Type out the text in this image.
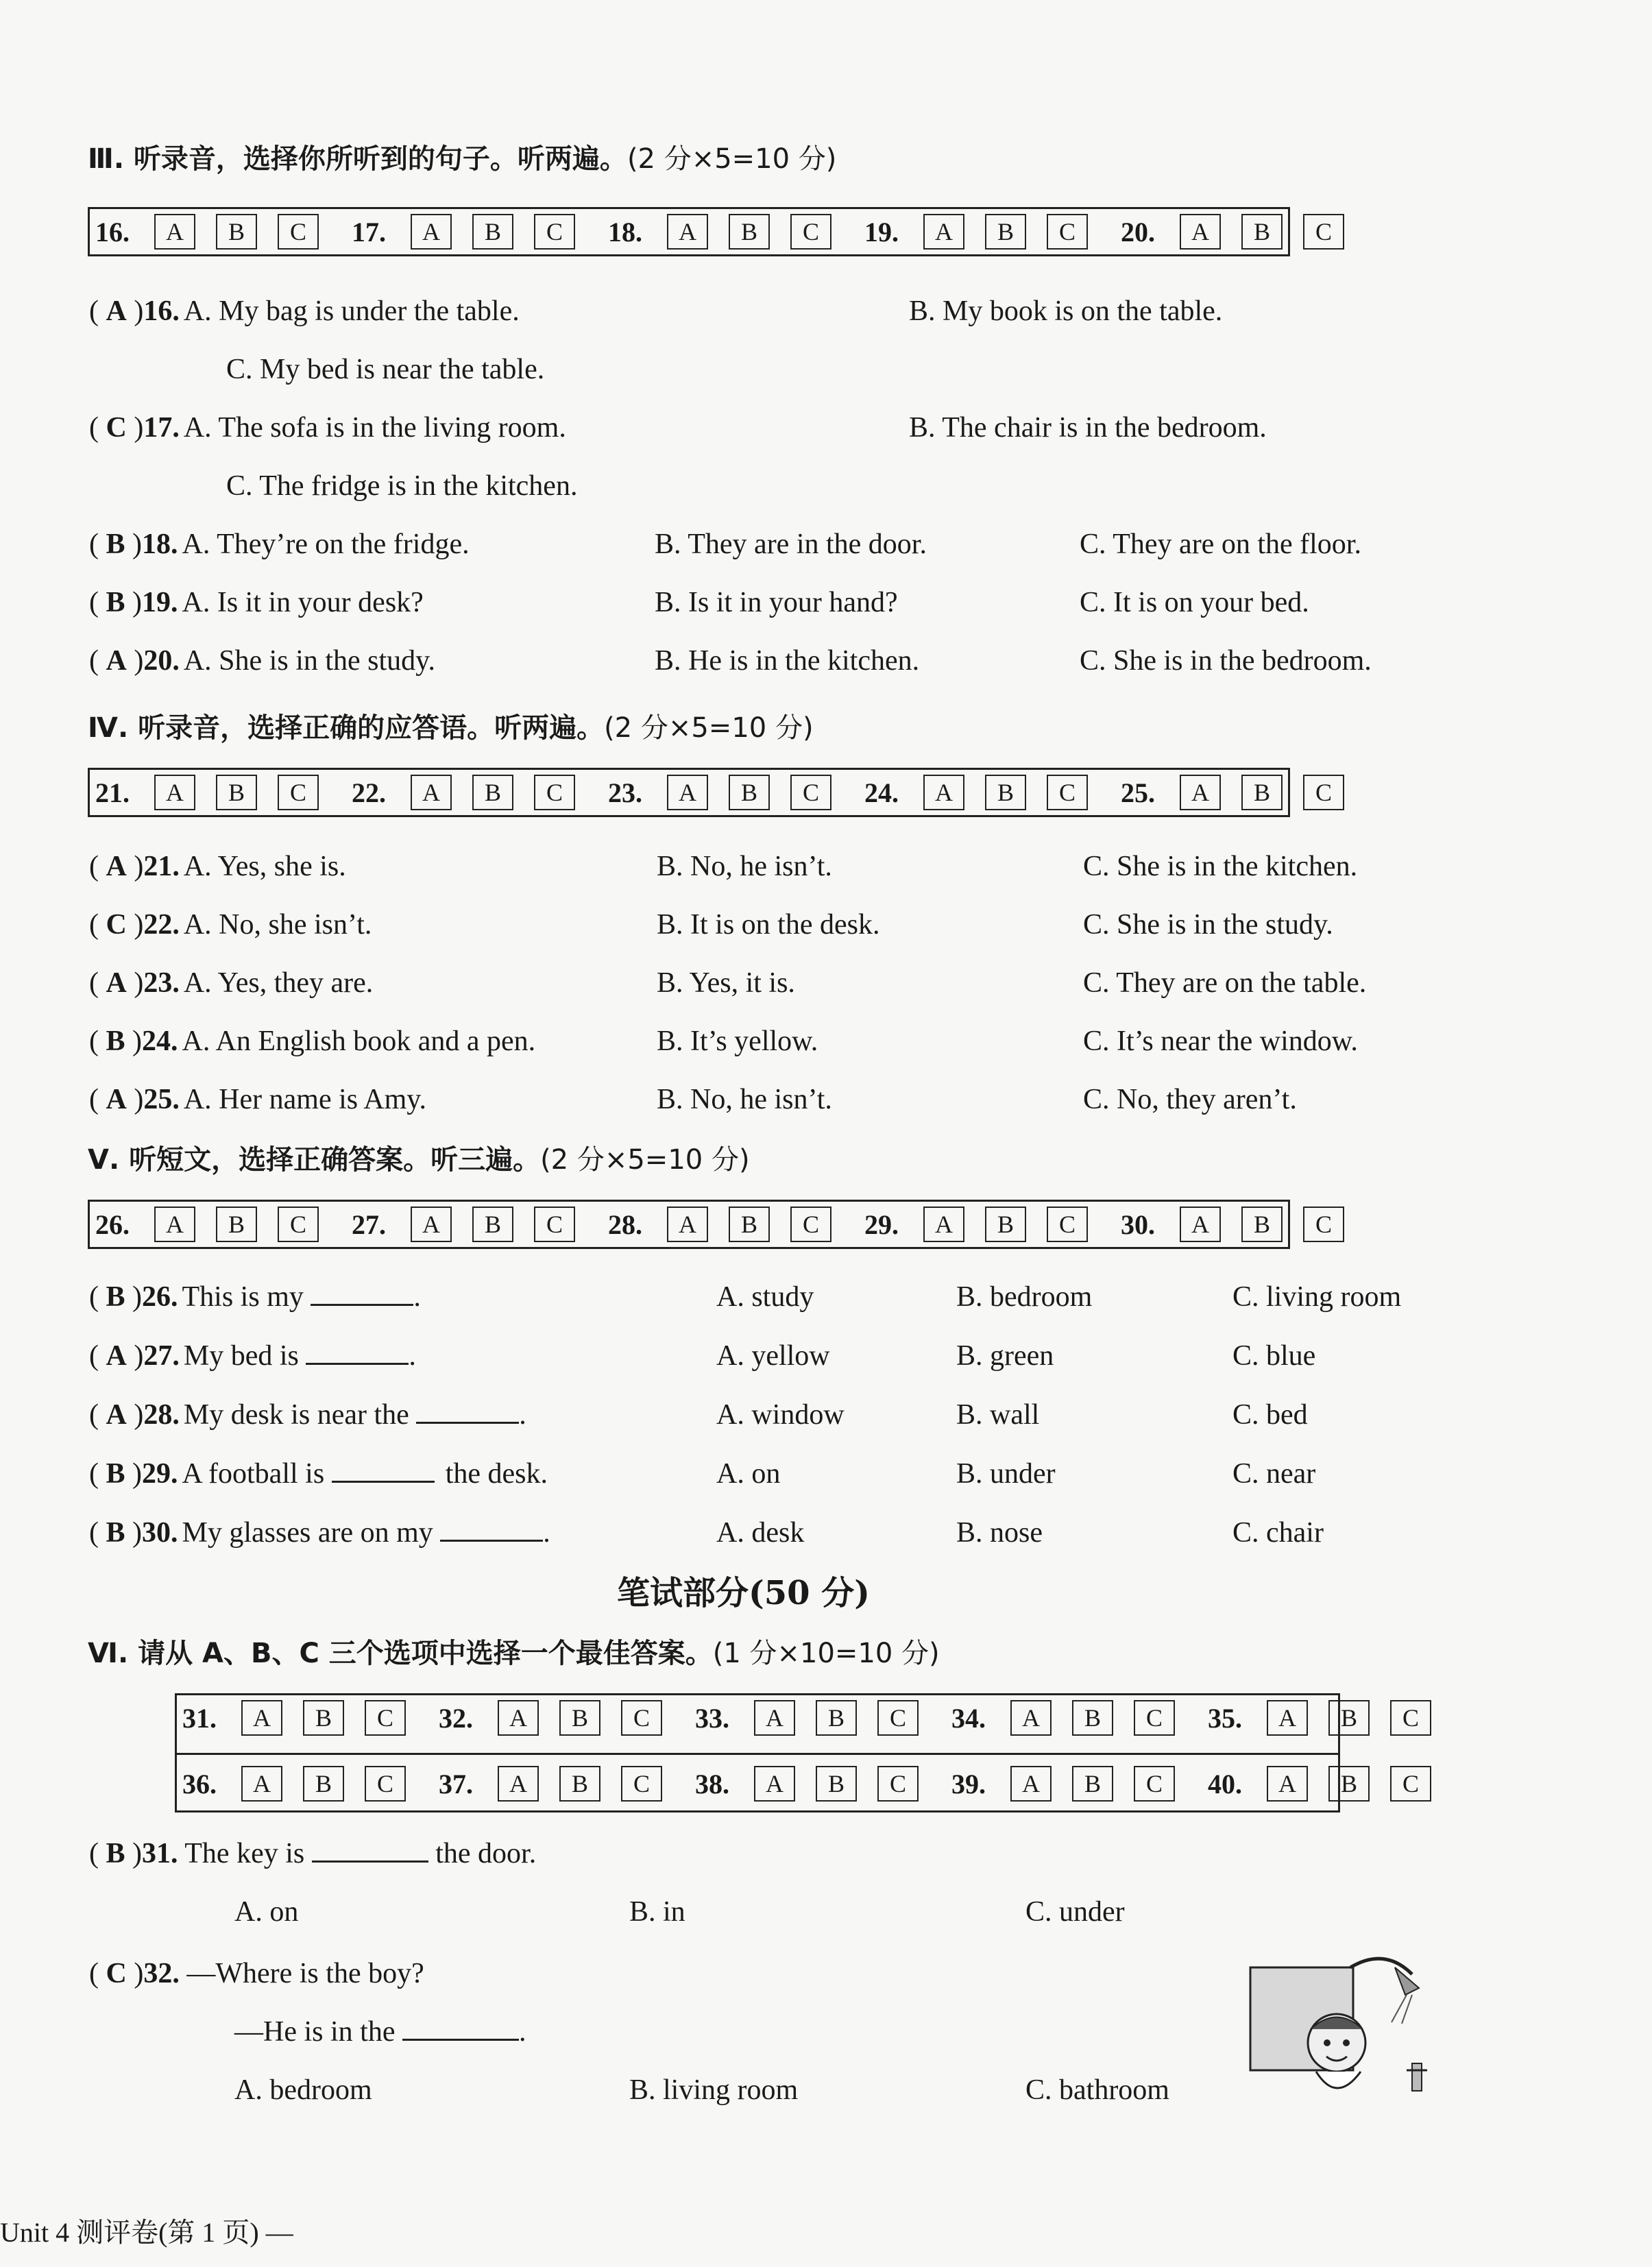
Ⅲ. 听录音，选择你所听到的句子。听两遍。(2 分×5=10 分)
16.	A	B	C	17.	A	B	C	18.	A	B	C	19.	A	B	C	20.	A	B	C
( A )16. A. My bag is under the table.	B. My book is on the table.
C. My bed is near the table.
( C )17. A. The sofa is in the living room.	B. The chair is in the bedroom.
C. The fridge is in the kitchen.
( B )18. A. They’re on the fridge.	B. They are in the door.	C. They are on the floor.
( B )19. A. Is it in your desk?	B. Is it in your hand?	C. It is on your bed.
( A )20. A. She is in the study.	B. He is in the kitchen.	C. She is in the bedroom.
Ⅳ. 听录音，选择正确的应答语。听两遍。(2 分×5=10 分)
21.	A	B	C	22.	A	B	C	23.	A	B	C	24.	A	B	C	25.	A	B	C
( A )21. A. Yes, she is.	B. No, he isn’t.	C. She is in the kitchen.
( C )22. A. No, she isn’t.	B. It is on the desk.	C. She is in the study.
( A )23. A. Yes, they are.	B. Yes, it is.	C. They are on the table.
( B )24. A. An English book and a pen.	B. It’s yellow.	C. It’s near the window.
( A )25. A. Her name is Amy.	B. No, he isn’t.	C. No, they aren’t.
Ⅴ. 听短文，选择正确答案。听三遍。(2 分×5=10 分)
26.	A	B	C	27.	A	B	C	28.	A	B	C	29.	A	B	C	30.	A	B	C
( B )26. This is my	.	A. study	B. bedroom	C. living room
( A )27. My bed is	.	A. yellow	B. green	C. blue
( A )28. My desk is near the	.	A. window	B. wall	C. bed
( B )29. A football is	the desk.	A. on	B. under	C. near
( B )30. My glasses are on my	.	A. desk	B. nose	C. chair
笔试部分(50 分)
Ⅵ. 请从 A、B、C 三个选项中选择一个最佳答案。(1 分×10=10 分)
31.	A	B	C	32.	A	B	C	33.	A	B	C	34.	A	B	C	35.	A	B	C
36.	A	B	C	37.	A	B	C	38.	A	B	C	39.	A	B	C	40.	A	B	C
( B )31. The key is	the door.
A. on	B. in	C. under
( C )32. —Where is the boy?
—He is in the	.
A. bedroom	B. living room	C. bathroom
Unit 4 测评卷(第 1 页) —
